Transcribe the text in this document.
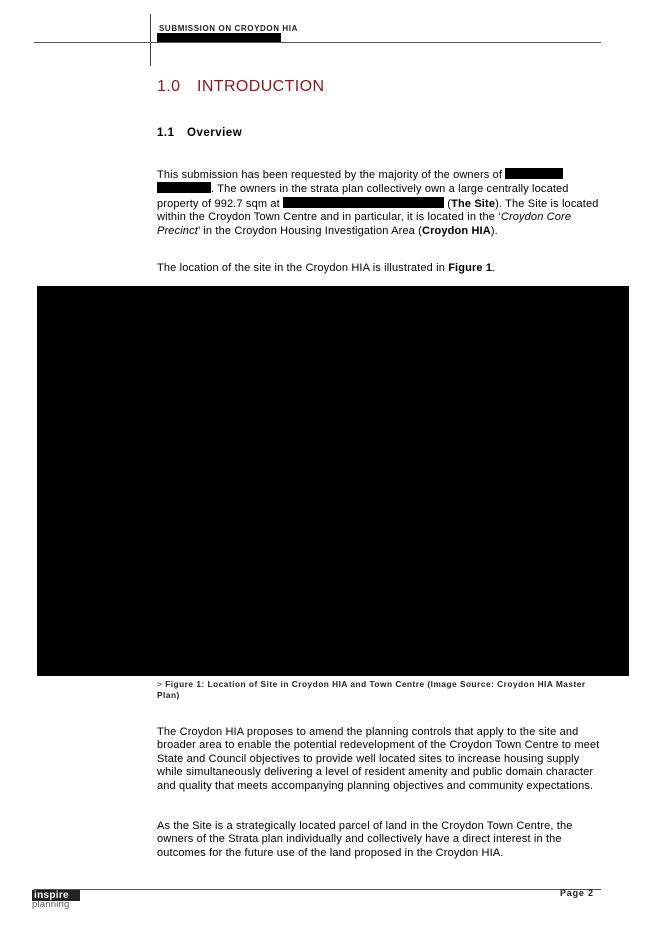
SUBMISSION ON CROYDON HIA
1.0 INTRODUCTION
1.1 Overview
This submission has been requested by the majority of the owners of  . The owners in the strata plan collectively own a large centrally located property of 992.7 sqm at	(The Site). The Site is located within the Croydon Town Centre and in particular, it is located in the ‘Croydon Core Precinct’ in the Croydon Housing Investigation Area (Croydon HIA).
The location of the site in the Croydon HIA is illustrated in Figure 1.
> Figure 1: Location of Site in Croydon HIA and Town Centre (Image Source: Croydon HIA Master Plan)
The Croydon HIA proposes to amend the planning controls that apply to the site and broader area to enable the potential redevelopment of the Croydon Town Centre to meet State and Council objectives to provide well located sites to increase housing supply while simultaneously delivering a level of resident amenity and public domain character and quality that meets accompanying planning objectives and community expectations.
As the Site is a strategically located parcel of land in the Croydon Town Centre, the owners of the Strata plan individually and collectively have a direct interest in the outcomes for the future use of the land proposed in the Croydon HIA.
inspire
planning
Page 2
